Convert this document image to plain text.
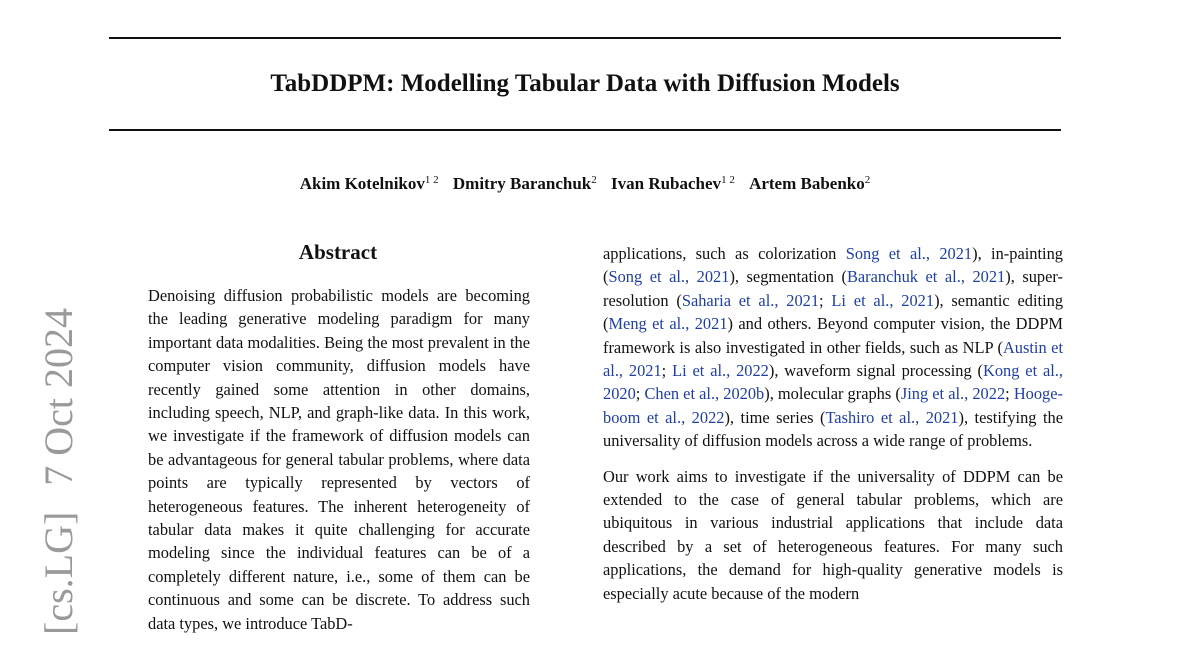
TabDDPM: Modelling Tabular Data with Diffusion Models
Akim Kotelnikov$^{1 2}$ Dmitry Baranchuk$^2$ Ivan Rubachev$^{1 2}$ Artem Babenko$^2$
[cs.LG]7 Oct 2024
Abstract
Denoising diffusion probabilistic models are becoming the leading generative modeling paradigm for many important data modalities. Being the most prevalent in the computer vision community, diffusion models have recently gained some attention in other domains, including speech, NLP, and graph-like data. In this work, we investigate if the framework of diffusion models can be advantageous for general tabular problems, where data points are typically represented by vectors of heterogeneous features. The inherent heterogeneity of tabular data makes it quite challenging for accurate modeling since the individual features can be of a completely different nature, i.e., some of them can be continuous and some can be discrete. To address such data types, we introduce TabD-

applications, such as colorization Song et al., 2021), in-painting (Song et al., 2021), segmentation (Baranchuk et al., 2021), super-resolution (Saharia et al., 2021; Li et al., 2021), semantic editing (Meng et al., 2021) and others. Beyond computer vision, the DDPM framework is also investigated in other fields, such as NLP (Austin et al., 2021; Li et al., 2022), waveform signal processing (Kong et al., 2020; Chen et al., 2020b), molecular graphs (Jing et al., 2022; Hooge-boom et al., 2022), time series (Tashiro et al., 2021), testifying the universality of diffusion models across a wide range of problems.

Our work aims to investigate if the universality of DDPM can be extended to the case of general tabular problems, which are ubiquitous in various industrial applications that include data described by a set of heterogeneous features. For many such applications, the demand for high-quality generative models is especially acute because of the modern
